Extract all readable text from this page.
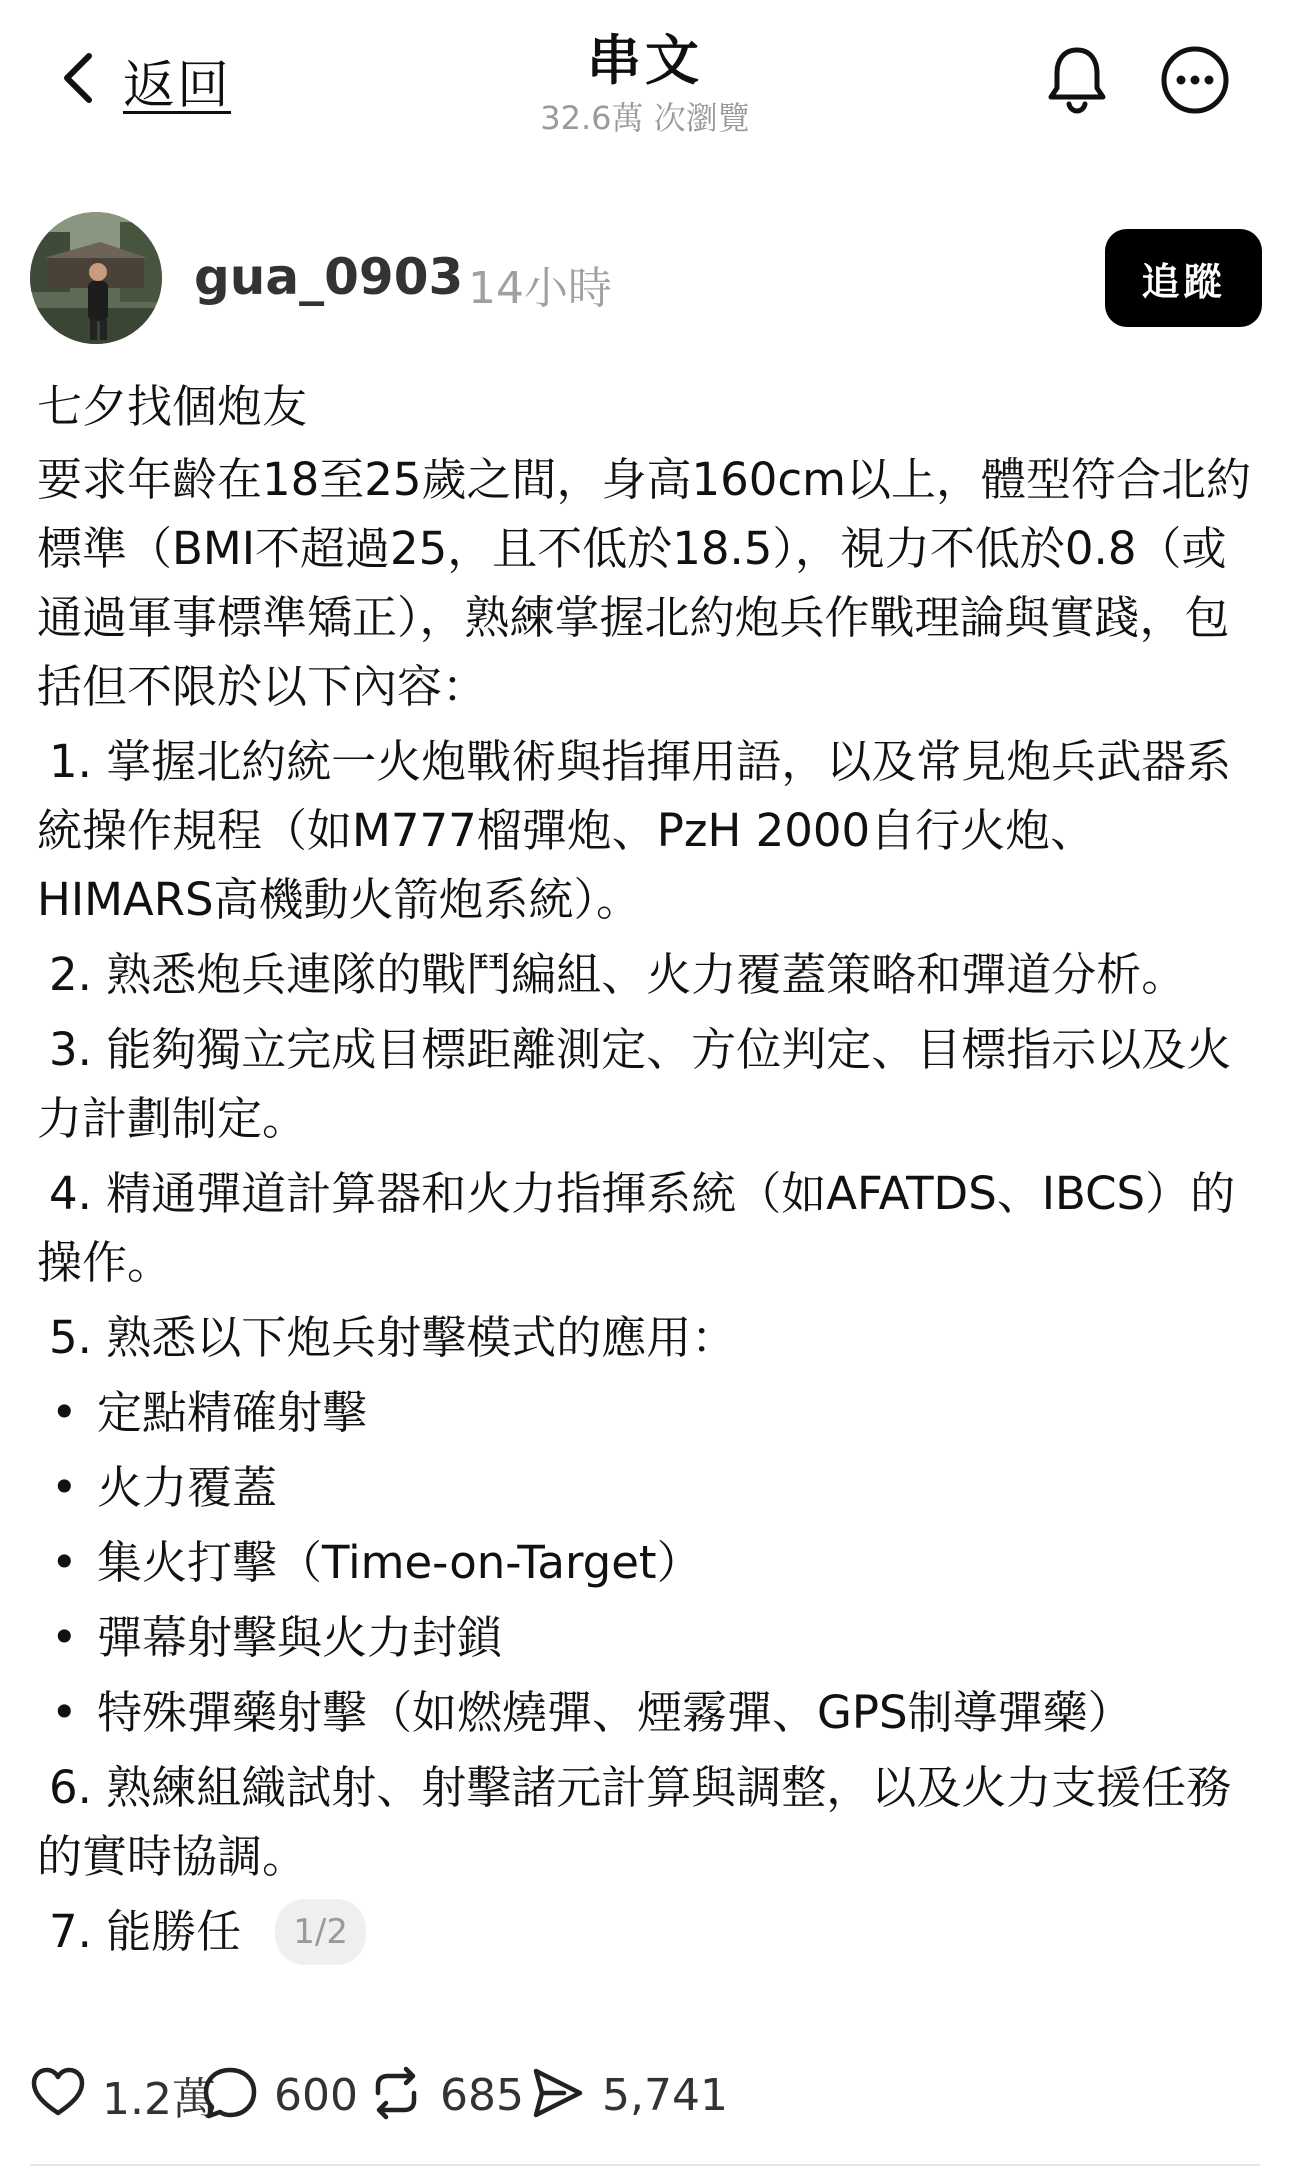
返回	串文
32.6萬 次瀏覽
gua_0903 14小時	追蹤

七夕找個炮友

要求年齡在18至25歲之間，身高160cm以上，體型符合北約標準（BMI不超過25，且不低於18.5），視力不低於0.8（或通過軍事標準矯正），熟練掌握北約炮兵作戰理論與實踐，包括但不限於以下內容：

1. 掌握北約統一火炮戰術與指揮用語，以及常見炮兵武器系統操作規程（如M777榴彈炮、PzH 2000自行火炮、HIMARS高機動火箭炮系統）。

2. 熟悉炮兵連隊的戰鬥編組、火力覆蓋策略和彈道分析。

3. 能夠獨立完成目標距離測定、方位判定、目標指示以及火力計劃制定。

4. 精通彈道計算器和火力指揮系統（如AFATDS、IBCS）的操作。

5. 熟悉以下炮兵射擊模式的應用：

• 定點精確射擊

• 火力覆蓋

• 集火打擊（Time-on-Target）

• 彈幕射擊與火力封鎖

• 特殊彈藥射擊（如燃燒彈、煙霧彈、GPS制導彈藥）

6. 熟練組織試射、射擊諸元計算與調整，以及火力支援任務的實時協調。

7. 能勝任	1/2
1.2萬 600 685 5,741
